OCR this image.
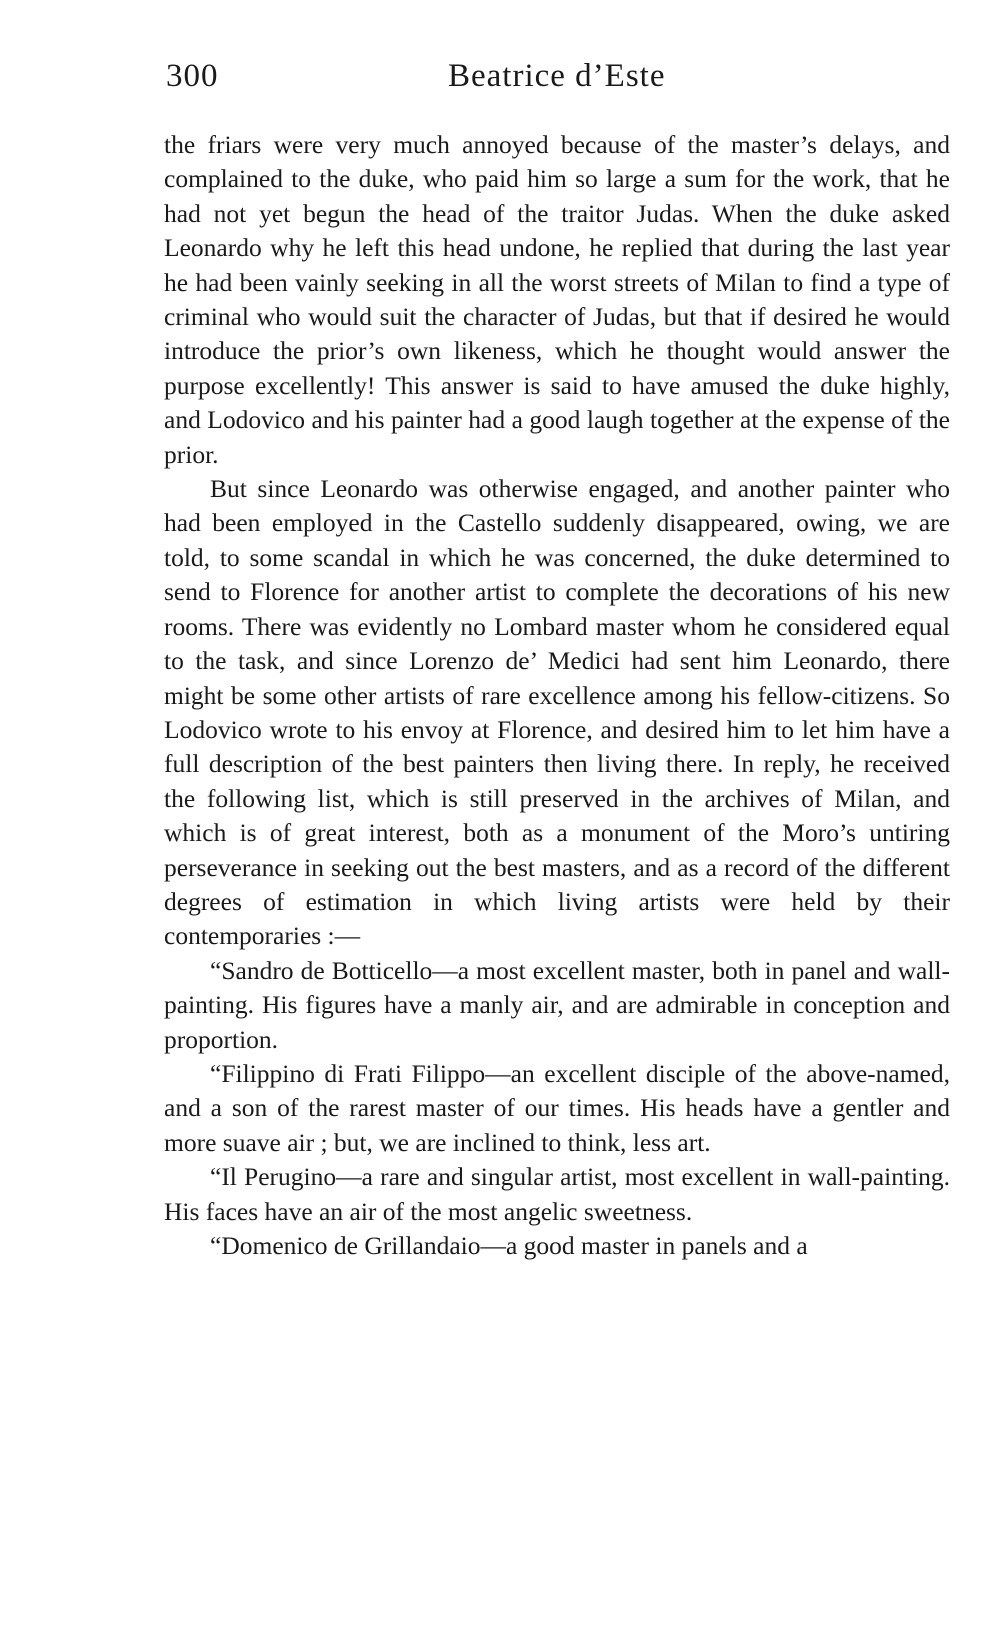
300	Beatrice d’Este

the friars were very much annoyed because of the master’s delays, and complained to the duke, who paid him so large a sum for the work, that he had not yet begun the head of the traitor Judas. When the duke asked Leonardo why he left this head undone, he replied that during the last year he had been vainly seeking in all the worst streets of Milan to find a type of criminal who would suit the character of Judas, but that if desired he would introduce the prior’s own likeness, which he thought would answer the purpose excellently! This answer is said to have amused the duke highly, and Lodovico and his painter had a good laugh together at the expense of the prior.

But since Leonardo was otherwise engaged, and another painter who had been employed in the Castello suddenly disappeared, owing, we are told, to some scandal in which he was concerned, the duke determined to send to Florence for another artist to complete the decorations of his new rooms. There was evidently no Lombard master whom he considered equal to the task, and since Lorenzo de’ Medici had sent him Leonardo, there might be some other artists of rare excellence among his fellow-citizens. So Lodovico wrote to his envoy at Florence, and desired him to let him have a full description of the best painters then living there. In reply, he received the following list, which is still preserved in the archives of Milan, and which is of great interest, both as a monument of the Moro’s untiring perseverance in seeking out the best masters, and as a record of the different degrees of estimation in which living artists were held by their contemporaries :—

“Sandro de Botticello—a most excellent master, both in panel and wall-painting. His figures have a manly air, and are admirable in conception and proportion.

“Filippino di Frati Filippo—an excellent disciple of the above-named, and a son of the rarest master of our times. His heads have a gentler and more suave air ; but, we are inclined to think, less art.

“Il Perugino—a rare and singular artist, most excellent in wall-painting. His faces have an air of the most angelic sweetness.

“Domenico de Grillandaio—a good master in panels and a
